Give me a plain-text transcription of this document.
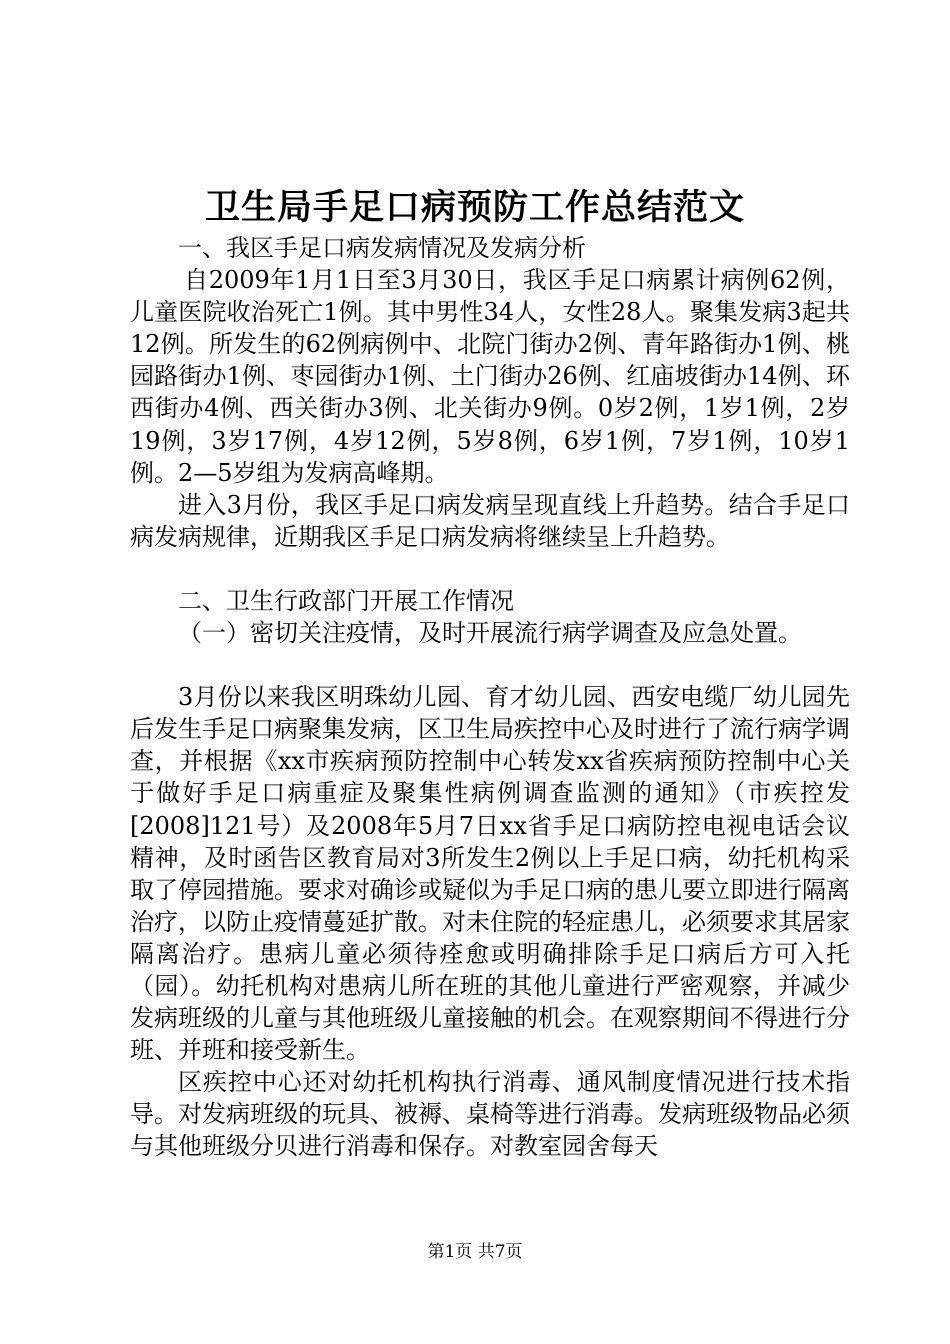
卫生局手足口病预防工作总结范文

一、我区手足口病发病情况及发病分析

自2009年1月1日至3月30日，我区手足口病累计病例62例，儿童医院收治死亡1例。其中男性34人，女性28人。聚集发病3起共12例。所发生的62例病例中、北院门街办2例、青年路街办1例、桃园路街办1例、枣园街办1例、土门街办26例、红庙坡街办14例、环西街办4例、西关街办3例、北关街办9例。0岁2例，1岁1例，2岁19例，3岁17例，4岁12例，5岁8例，6岁1例，7岁1例，10岁1例。2—5岁组为发病高峰期。

进入3月份，我区手足口病发病呈现直线上升趋势。结合手足口病发病规律，近期我区手足口病发病将继续呈上升趋势。

二、卫生行政部门开展工作情况

（一）密切关注疫情，及时开展流行病学调查及应急处置。

3月份以来我区明珠幼儿园、育才幼儿园、西安电缆厂幼儿园先后发生手足口病聚集发病，区卫生局疾控中心及时进行了流行病学调查，并根据《xx市疾病预防控制中心转发xx省疾病预防控制中心关于做好手足口病重症及聚集性病例调查监测的通知》（市疾控发[2008]121号）及2008年5月7日xx省手足口病防控电视电话会议精神，及时函告区教育局对3所发生2例以上手足口病，幼托机构采取了停园措施。要求对确诊或疑似为手足口病的患儿要立即进行隔离治疗，以防止疫情蔓延扩散。对未住院的轻症患儿，必须要求其居家隔离治疗。患病儿童必须待痊愈或明确排除手足口病后方可入托（园）。幼托机构对患病儿所在班的其他儿童进行严密观察，并减少发病班级的儿童与其他班级儿童接触的机会。在观察期间不得进行分班、并班和接受新生。

区疾控中心还对幼托机构执行消毒、通风制度情况进行技术指导。对发病班级的玩具、被褥、桌椅等进行消毒。发病班级物品必须与其他班级分贝进行消毒和保存。对教室园舍每天

第1页 共7页
